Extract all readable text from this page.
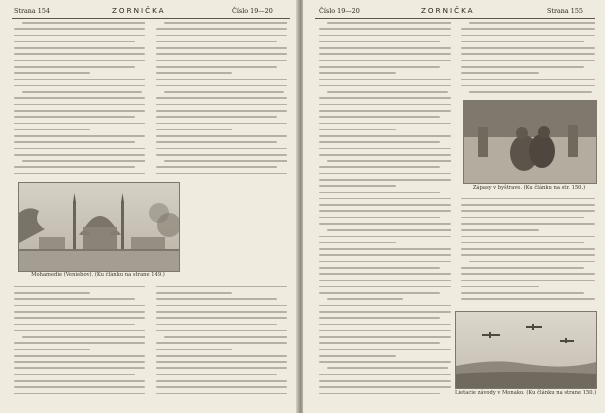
Strana 154	ZORNIČKA	Číslo 19—20
Mohamedie (Veniebov). (Ku článku na strane 149.)
Číslo 19—20	ZORNIČKA	Strana 155
Zápasy v byštrave. (Ku článku na str. 150.)
Lietacie závody v Monako. (Ku článku na strane 150.)
